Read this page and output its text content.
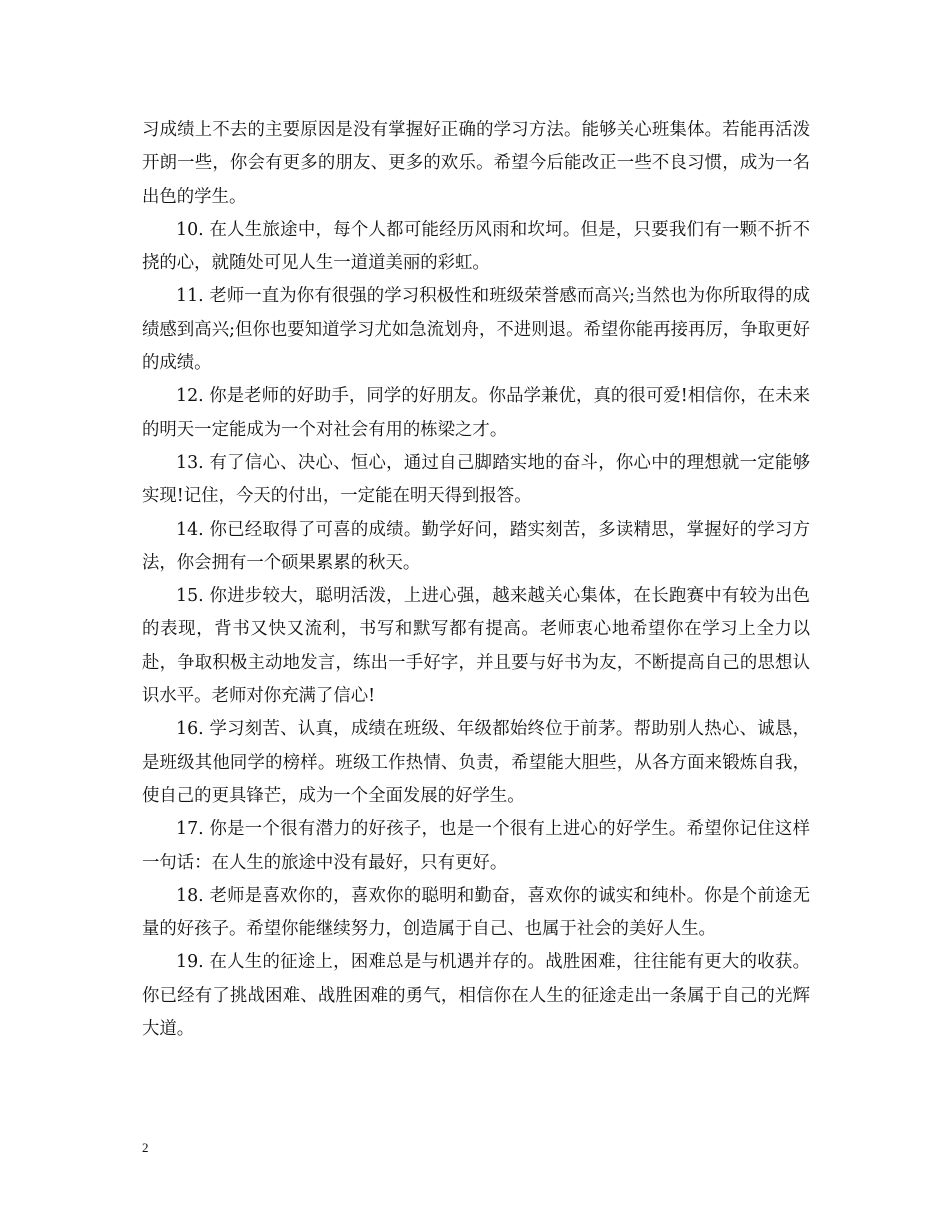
习成绩上不去的主要原因是没有掌握好正确的学习方法。能够关心班集体。若能再活泼开朗一些，你会有更多的朋友、更多的欢乐。希望今后能改正一些不良习惯，成为一名出色的学生。

10. 在人生旅途中，每个人都可能经历风雨和坎坷。但是，只要我们有一颗不折不挠的心，就随处可见人生一道道美丽的彩虹。

11. 老师一直为你有很强的学习积极性和班级荣誉感而高兴;当然也为你所取得的成绩感到高兴;但你也要知道学习尤如急流划舟，不进则退。希望你能再接再厉，争取更好的成绩。

12. 你是老师的好助手，同学的好朋友。你品学兼优，真的很可爱!相信你，在未来的明天一定能成为一个对社会有用的栋梁之才。

13. 有了信心、决心、恒心，通过自己脚踏实地的奋斗，你心中的理想就一定能够实现!记住，今天的付出，一定能在明天得到报答。

14. 你已经取得了可喜的成绩。勤学好问，踏实刻苦，多读精思，掌握好的学习方法，你会拥有一个硕果累累的秋天。

15. 你进步较大，聪明活泼，上进心强，越来越关心集体，在长跑赛中有较为出色的表现，背书又快又流利，书写和默写都有提高。老师衷心地希望你在学习上全力以赴，争取积极主动地发言，练出一手好字，并且要与好书为友，不断提高自己的思想认识水平。老师对你充满了信心!

16. 学习刻苦、认真，成绩在班级、年级都始终位于前茅。帮助别人热心、诚恳，是班级其他同学的榜样。班级工作热情、负责，希望能大胆些，从各方面来锻炼自我，使自己的更具锋芒，成为一个全面发展的好学生。

17. 你是一个很有潜力的好孩子，也是一个很有上进心的好学生。希望你记住这样一句话：在人生的旅途中没有最好，只有更好。

18. 老师是喜欢你的，喜欢你的聪明和勤奋，喜欢你的诚实和纯朴。你是个前途无量的好孩子。希望你能继续努力，创造属于自己、也属于社会的美好人生。

19. 在人生的征途上，困难总是与机遇并存的。战胜困难，往往能有更大的收获。你已经有了挑战困难、战胜困难的勇气，相信你在人生的征途走出一条属于自己的光辉大道。

2
